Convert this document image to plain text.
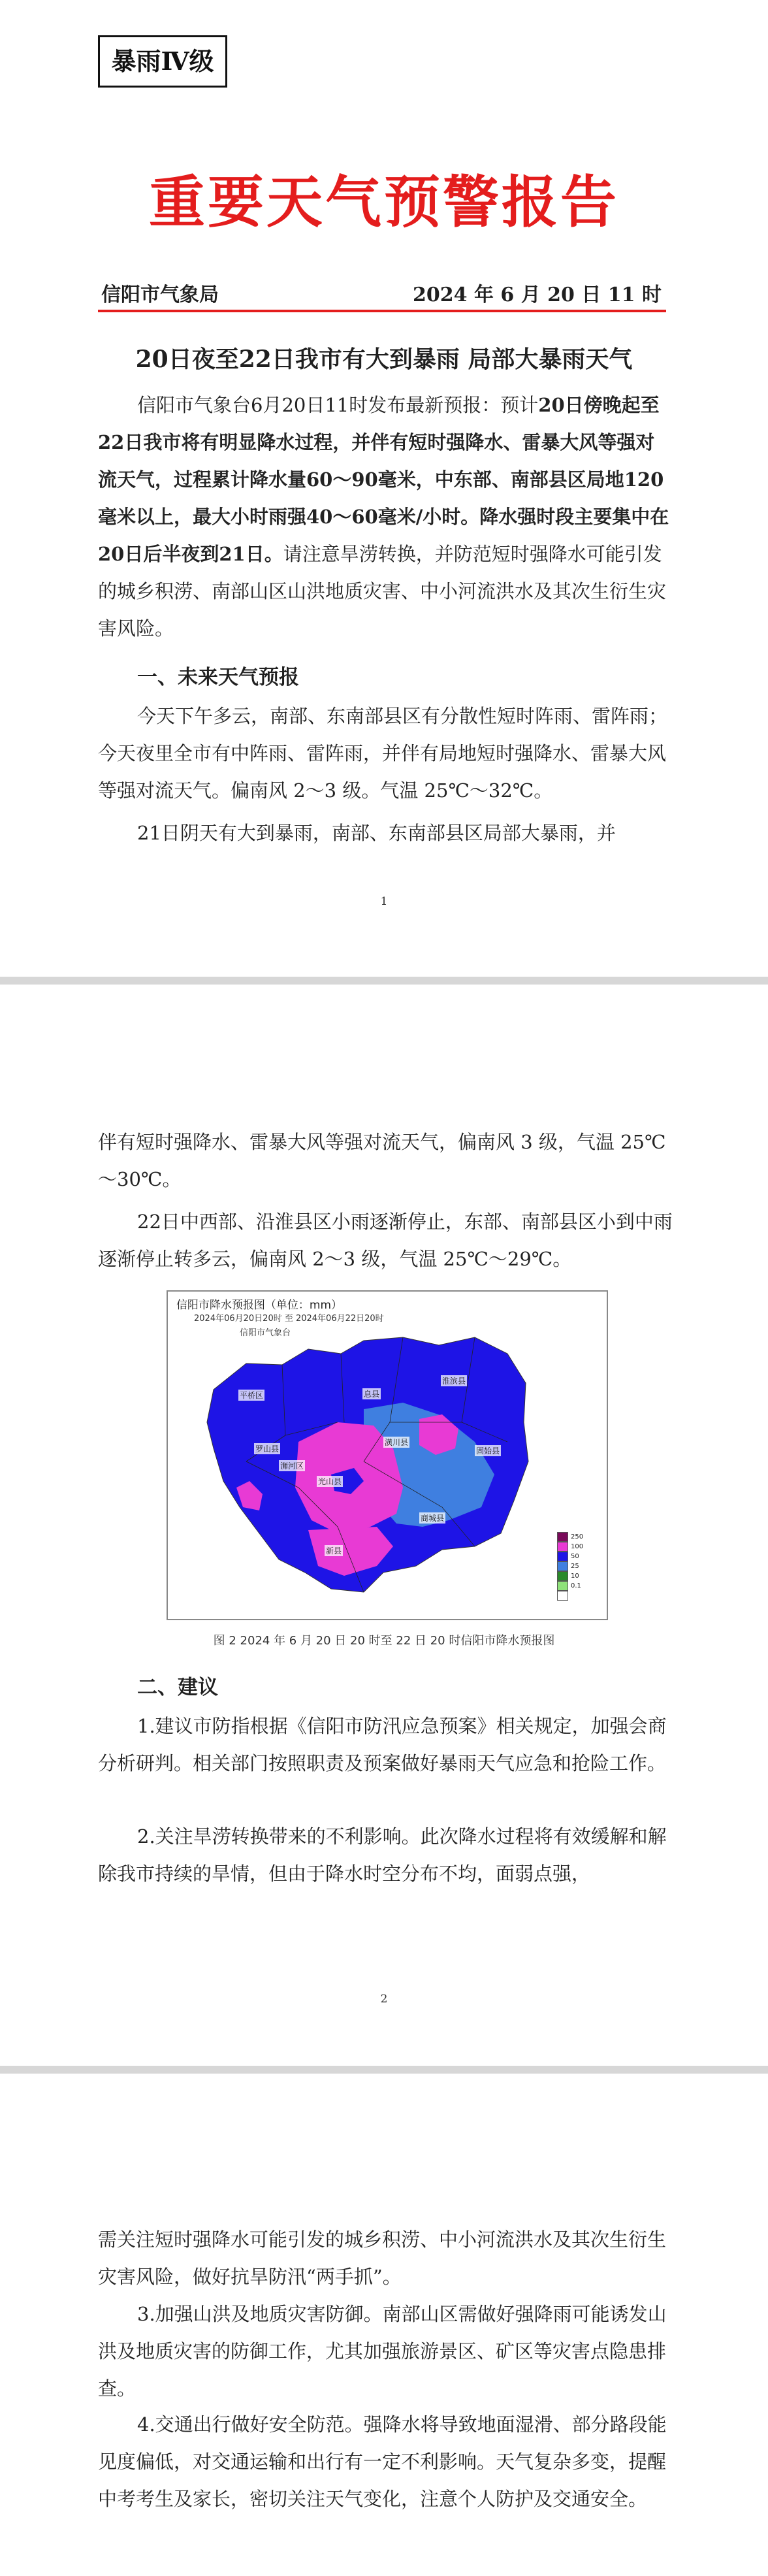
暴雨Ⅳ级
重要天气预警报告
信阳市气象局	2024 年 6 月 20 日 11 时
20日夜至22日我市有大到暴雨 局部大暴雨天气

信阳市气象台6月20日11时发布最新预报：预计20日傍晚起至22日我市将有明显降水过程，并伴有短时强降水、雷暴大风等强对流天气，过程累计降水量60～90毫米，中东部、南部县区局地120毫米以上，最大小时雨强40～60毫米/小时。降水强时段主要集中在20日后半夜到21日。请注意旱涝转换，并防范短时强降水可能引发的城乡积涝、南部山区山洪地质灾害、中小河流洪水及其次生衍生灾害风险。

一、未来天气预报

今天下午多云，南部、东南部县区有分散性短时阵雨、雷阵雨；今天夜里全市有中阵雨、雷阵雨，并伴有局地短时强降水、雷暴大风等强对流天气。偏南风 2～3 级。气温 25℃～32℃。

21日阴天有大到暴雨，南部、东南部县区局部大暴雨，并

1

伴有短时强降水、雷暴大风等强对流天气，偏南风 3 级，气温 25℃～30℃。

22日中西部、沿淮县区小雨逐渐停止，东部、南部县区小到中雨逐渐停止转多云，偏南风 2～3 级，气温 25℃～29℃。

信阳市降水预报图（单位：mm）
2024年06月20日20时 至 2024年06月22日20时
信阳市气象台
平桥区	息县
罗山县
潢川县
淮滨县
光山县
固始县
商城县
新县
浉河区
250
100
50
25
10
0.1
图 2 2024 年 6 月 20 日 20 时至 22 日 20 时信阳市降水预报图
二、建议

1.建议市防指根据《信阳市防汛应急预案》相关规定，加强会商分析研判。相关部门按照职责及预案做好暴雨天气应急和抢险工作。

2.关注旱涝转换带来的不利影响。此次降水过程将有效缓解和解除我市持续的旱情，但由于降水时空分布不均，面弱点强，

2

需关注短时强降水可能引发的城乡积涝、中小河流洪水及其次生衍生灾害风险，做好抗旱防汛“两手抓”。

3.加强山洪及地质灾害防御。南部山区需做好强降雨可能诱发山洪及地质灾害的防御工作，尤其加强旅游景区、矿区等灾害点隐患排查。

4.交通出行做好安全防范。强降水将导致地面湿滑、部分路段能见度偏低，对交通运输和出行有一定不利影响。天气复杂多变，提醒中考考生及家长，密切关注天气变化，注意个人防护及交通安全。
